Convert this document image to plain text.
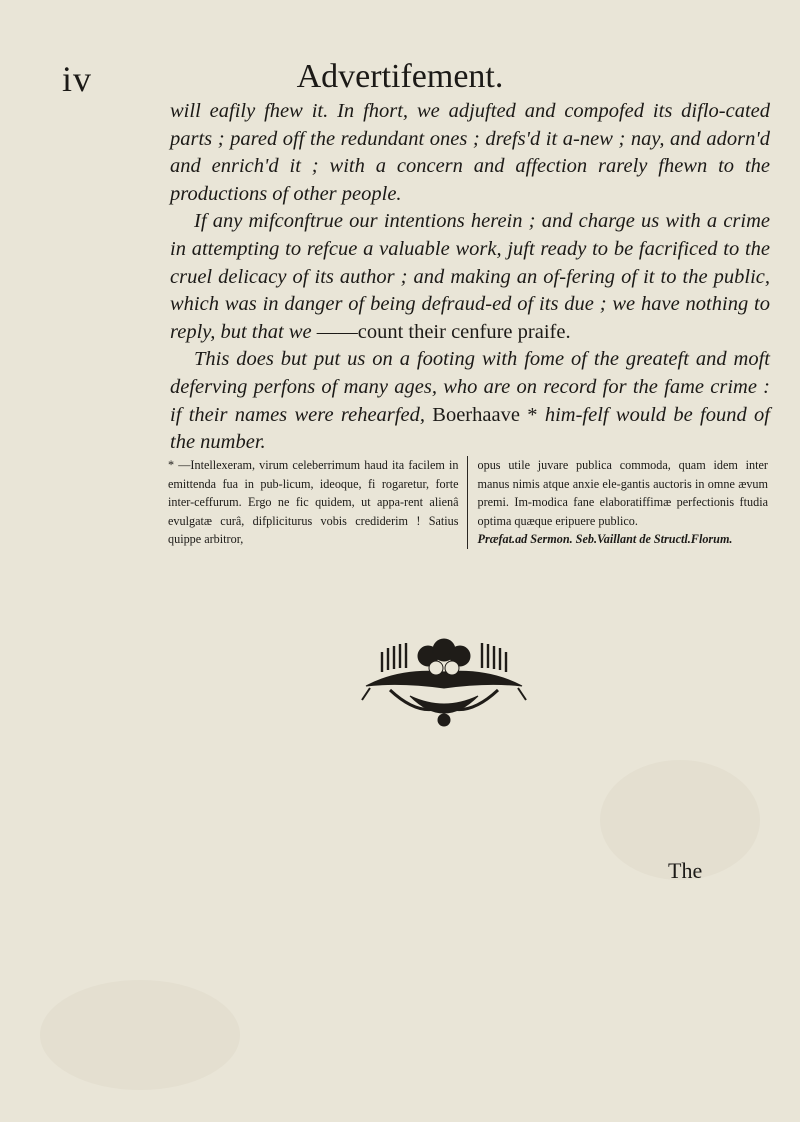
iv	Advertifement.

will eafily fhew it. In fhort, we adjufted and compofed its diflo-cated parts ; pared off the redundant ones ; drefs'd it a-new ; nay, and adorn'd and enrich'd it ; with a concern and affection rarely fhewn to the productions of other people.

If any mifconftrue our intentions herein ; and charge us with a crime in attempting to refcue a valuable work, juft ready to be facrificed to the cruel delicacy of its author ; and making an of-fering of it to the public, which was in danger of being defraud-ed of its due ; we have nothing to reply, but that we ——count their cenfure praife.

This does but put us on a footing with fome of the greateft and moft deferving perfons of many ages, who are on record for the fame crime : if their names were rehearfed, Boerhaave * him-felf would be found of the number.

* —Intellexeram, virum celeberrimum haud ita facilem in emittenda fua in pub-licum, ideoque, fi rogaretur, forte inter-ceffurum. Ergo ne fic quidem, ut appa-rent alienâ evulgatæ curâ, difpliciturus vobis crediderim ! Satius quippe arbitror,
opus utile juvare publica commoda, quam idem inter manus nimis atque anxie ele-gantis auctoris in omne ævum premi. Im-modica fane elaboratiffimæ perfectionis ftudia optima quæque eripuere publico.
Præfat.ad Sermon. Seb.Vaillant de Structl.Florum.
The
